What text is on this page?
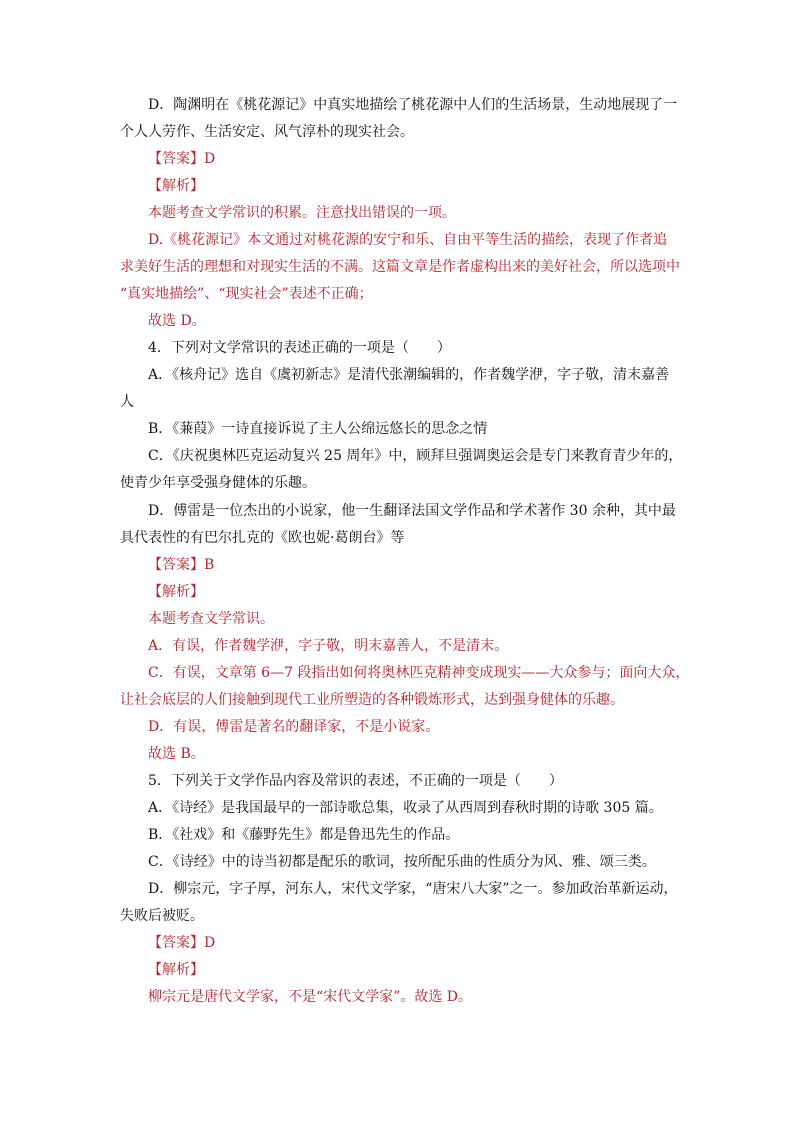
D．陶渊明在《桃花源记》中真实地描绘了桃花源中人们的生活场景，生动地展现了一
个人人劳作、生活安定、风气淳朴的现实社会。
【答案】D
【解析】
本题考查文学常识的积累。注意找出错误的一项。
D.《桃花源记》本文通过对桃花源的安宁和乐、自由平等生活的描绘，表现了作者追
求美好生活的理想和对现实生活的不满。这篇文章是作者虚构出来的美好社会，所以选项中
“真实地描绘”、“现实社会”表述不正确；
故选 D。
4．下列对文学常识的表述正确的一项是（　　）
A．《核舟记》选自《虞初新志》是清代张潮编辑的，作者魏学洢，字子敬，清末嘉善
人
B．《蒹葭》一诗直接诉说了主人公绵远悠长的思念之情
C．《庆祝奥林匹克运动复兴 25 周年》中，顾拜旦强调奥运会是专门来教育青少年的，
使青少年享受强身健体的乐趣。
D．傅雷是一位杰出的小说家，他一生翻译法国文学作品和学术著作 30 余种，其中最
具代表性的有巴尔扎克的《欧也妮·葛朗台》等
【答案】B
【解析】
本题考查文学常识。
A．有误，作者魏学洢，字子敬，明末嘉善人，不是清末。
C．有误，文章第 6—7 段指出如何将奥林匹克精神变成现实——大众参与；面向大众，
让社会底层的人们接触到现代工业所塑造的各种锻炼形式，达到强身健体的乐趣。
D．有误，傅雷是著名的翻译家，不是小说家。
故选 B。
5．下列关于文学作品内容及常识的表述，不正确的一项是（　　）
A．《诗经》是我国最早的一部诗歌总集，收录了从西周到春秋时期的诗歌 305 篇。
B．《社戏》和《藤野先生》都是鲁迅先生的作品。
C．《诗经》中的诗当初都是配乐的歌词，按所配乐曲的性质分为风、雅、颂三类。
D．柳宗元，字子厚，河东人，宋代文学家，“唐宋八大家”之一。参加政治革新运动，
失败后被贬。
【答案】D
【解析】
柳宗元是唐代文学家，不是“宋代文学家”。故选 D。
